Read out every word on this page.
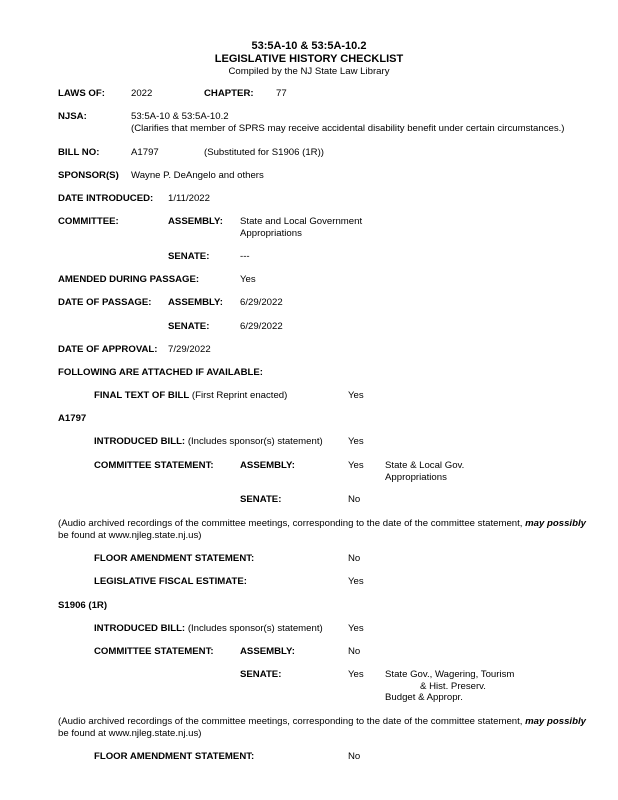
53:5A-10 & 53:5A-10.2
LEGISLATIVE HISTORY CHECKLIST
Compiled by the NJ State Law Library
LAWS OF:	2022	CHAPTER: 77
NJSA:	53:5A-10 & 53:5A-10.2
(Clarifies that member of SPRS may receive accidental disability benefit under certain circumstances.)
BILL NO:	A1797	(Substituted for S1906 (1R))
SPONSOR(S) Wayne P. DeAngelo and others
DATE INTRODUCED: 1/11/2022
COMMITTEE:	ASSEMBLY: State and Local Government
Appropriations
SENATE:	---
AMENDED DURING PASSAGE:	Yes
DATE OF PASSAGE: ASSEMBLY: 6/29/2022
SENATE:	6/29/2022
DATE OF APPROVAL: 7/29/2022
FOLLOWING ARE ATTACHED IF AVAILABLE:
FINAL TEXT OF BILL (First Reprint enacted)	Yes
A1797
INTRODUCED BILL: (Includes sponsor(s) statement)	Yes
COMMITTEE STATEMENT:	ASSEMBLY:	Yes State & Local Gov.
Appropriations
SENATE:	No
(Audio archived recordings of the committee meetings, corresponding to the date of the committee statement, may possibly
be found at www.njleg.state.nj.us)
FLOOR AMENDMENT STATEMENT:	No
LEGISLATIVE FISCAL ESTIMATE:	Yes
S1906 (1R)
INTRODUCED BILL: (Includes sponsor(s) statement)	Yes
COMMITTEE STATEMENT:	ASSEMBLY:	No
SENATE:	Yes State Gov., Wagering, Tourism
& Hist. Preserv.
Budget & Appropr.
(Audio archived recordings of the committee meetings, corresponding to the date of the committee statement, may possibly
be found at www.njleg.state.nj.us)
FLOOR AMENDMENT STATEMENT:	No
